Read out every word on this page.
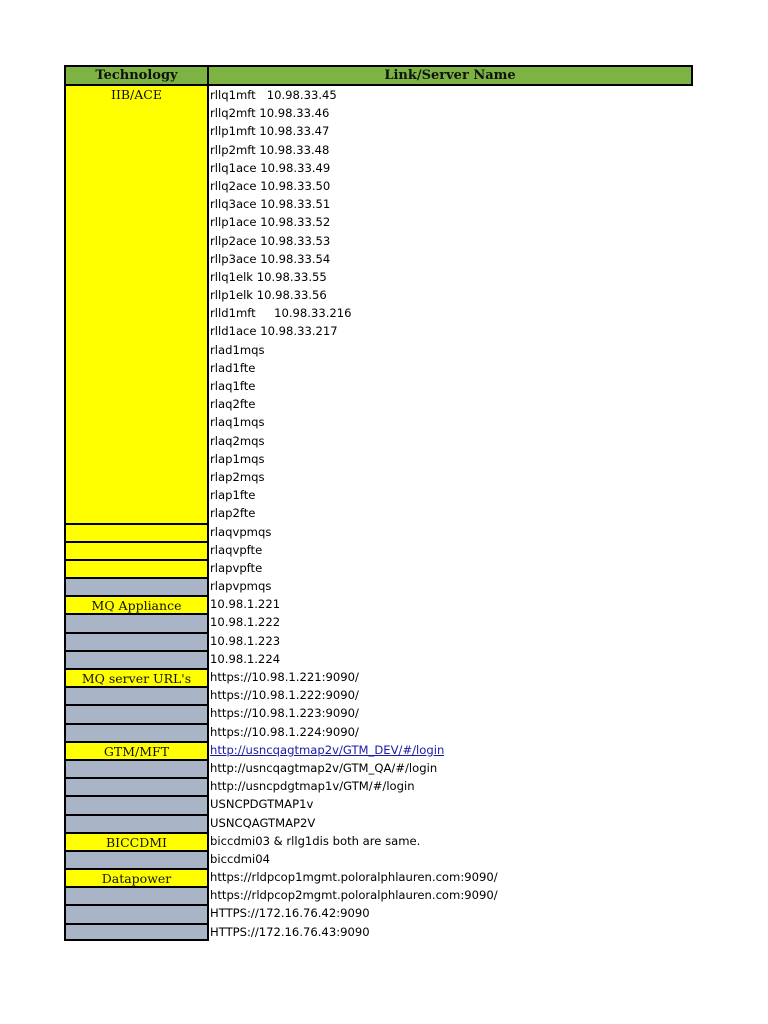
Technology	Link/Server Name
IIB/ACE	rllq1mft   10.98.33.45
rllq2mft 10.98.33.46
rllp1mft 10.98.33.47
rllp2mft 10.98.33.48
rllq1ace 10.98.33.49
rllq2ace 10.98.33.50
rllq3ace 10.98.33.51
rllp1ace 10.98.33.52
rllp2ace 10.98.33.53
rllp3ace 10.98.33.54
rllq1elk 10.98.33.55
rllp1elk 10.98.33.56
rlld1mft     10.98.33.216
rlld1ace 10.98.33.217
rlad1mqs
rlad1fte
rlaq1fte
rlaq2fte
rlaq1mqs
rlaq2mqs
rlap1mqs
rlap2mqs
rlap1fte
rlap2fte
rlaqvpmqs
rlaqvpfte
rlapvpfte
rlapvpmqs
MQ Appliance	10.98.1.221
10.98.1.222
10.98.1.223
10.98.1.224
MQ server URL's	https://10.98.1.221:9090/
https://10.98.1.222:9090/
https://10.98.1.223:9090/
https://10.98.1.224:9090/
GTM/MFT	http://usncqagtmap2v/GTM_DEV/#/login
http://usncqagtmap2v/GTM_QA/#/login
http://usncpdgtmap1v/GTM/#/login
USNCPDGTMAP1v
USNCQAGTMAP2V
BICCDMI	biccdmi03 & rllg1dis both are same.
biccdmi04
Datapower	https://rldpcop1mgmt.poloralphlauren.com:9090/
https://rldpcop2mgmt.poloralphlauren.com:9090/
HTTPS://172.16.76.42:9090
HTTPS://172.16.76.43:9090
